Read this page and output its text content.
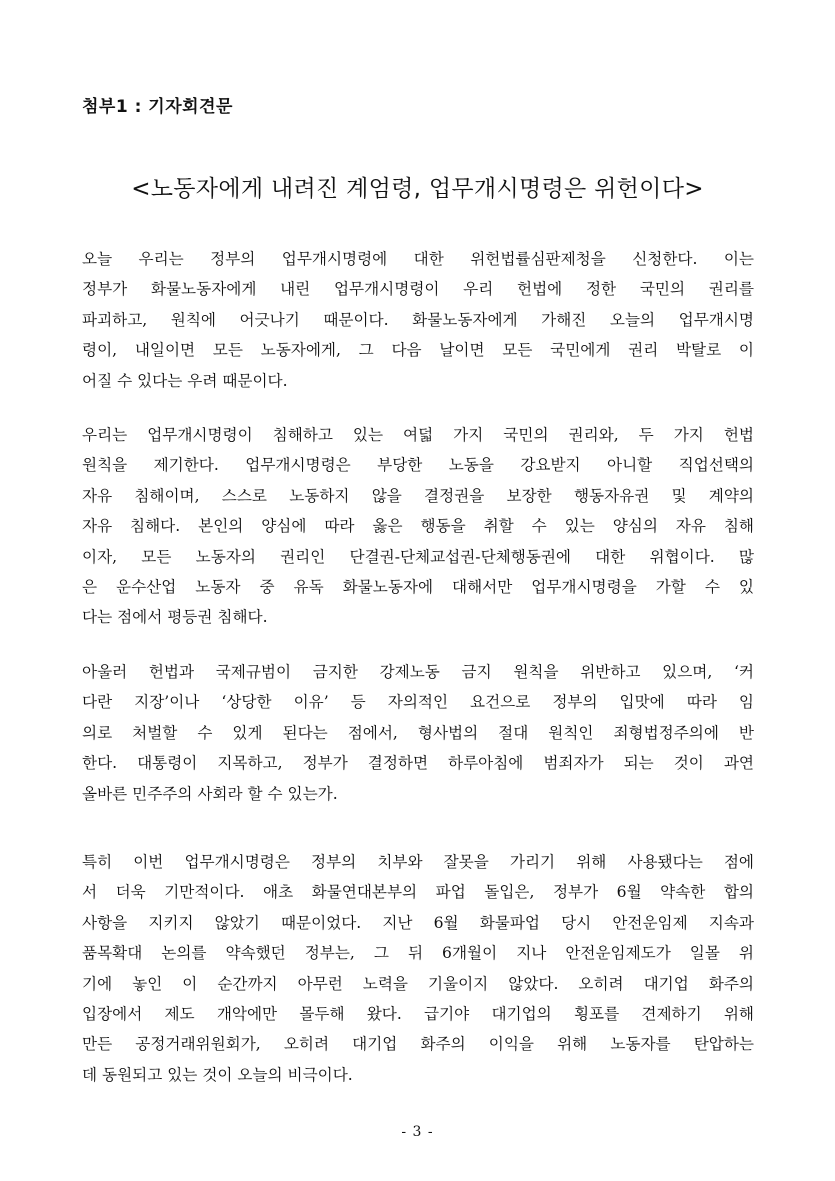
첨부1 : 기자회견문
<노동자에게 내려진 계엄령, 업무개시명령은 위헌이다>

오늘 우리는 정부의 업무개시명령에 대한 위헌법률심판제청을 신청한다. 이는
정부가 화물노동자에게 내린 업무개시명령이 우리 헌법에 정한 국민의 권리를
파괴하고, 원칙에 어긋나기 때문이다. 화물노동자에게 가해진 오늘의 업무개시명
령이, 내일이면 모든 노동자에게, 그 다음 날이면 모든 국민에게 권리 박탈로 이
어질 수 있다는 우려 때문이다.

우리는 업무개시명령이 침해하고 있는 여덟 가지 국민의 권리와, 두 가지 헌법
원칙을 제기한다. 업무개시명령은 부당한 노동을 강요받지 아니할 직업선택의
자유 침해이며, 스스로 노동하지 않을 결정권을 보장한 행동자유권 및 계약의
자유 침해다. 본인의 양심에 따라 옳은 행동을 취할 수 있는 양심의 자유 침해
이자, 모든 노동자의 권리인 단결권-단체교섭권-단체행동권에 대한 위협이다. 많
은 운수산업 노동자 중 유독 화물노동자에 대해서만 업무개시명령을 가할 수 있
다는 점에서 평등권 침해다.

아울러 헌법과 국제규범이 금지한 강제노동 금지 원칙을 위반하고 있으며, ‘커
다란 지장’이나 ‘상당한 이유’ 등 자의적인 요건으로 정부의 입맛에 따라 임
의로 처벌할 수 있게 된다는 점에서, 형사법의 절대 원칙인 죄형법정주의에 반
한다. 대통령이 지목하고, 정부가 결정하면 하루아침에 범죄자가 되는 것이 과연
올바른 민주주의 사회라 할 수 있는가.

특히 이번 업무개시명령은 정부의 치부와 잘못을 가리기 위해 사용됐다는 점에
서 더욱 기만적이다. 애초 화물연대본부의 파업 돌입은, 정부가 6월 약속한 합의
사항을 지키지 않았기 때문이었다. 지난 6월 화물파업 당시 안전운임제 지속과
품목확대 논의를 약속했던 정부는, 그 뒤 6개월이 지나 안전운임제도가 일몰 위
기에 놓인 이 순간까지 아무런 노력을 기울이지 않았다. 오히려 대기업 화주의
입장에서 제도 개악에만 몰두해 왔다. 급기야 대기업의 횡포를 견제하기 위해
만든 공정거래위원회가, 오히려 대기업 화주의 이익을 위해 노동자를 탄압하는
데 동원되고 있는 것이 오늘의 비극이다.

- 3 -
